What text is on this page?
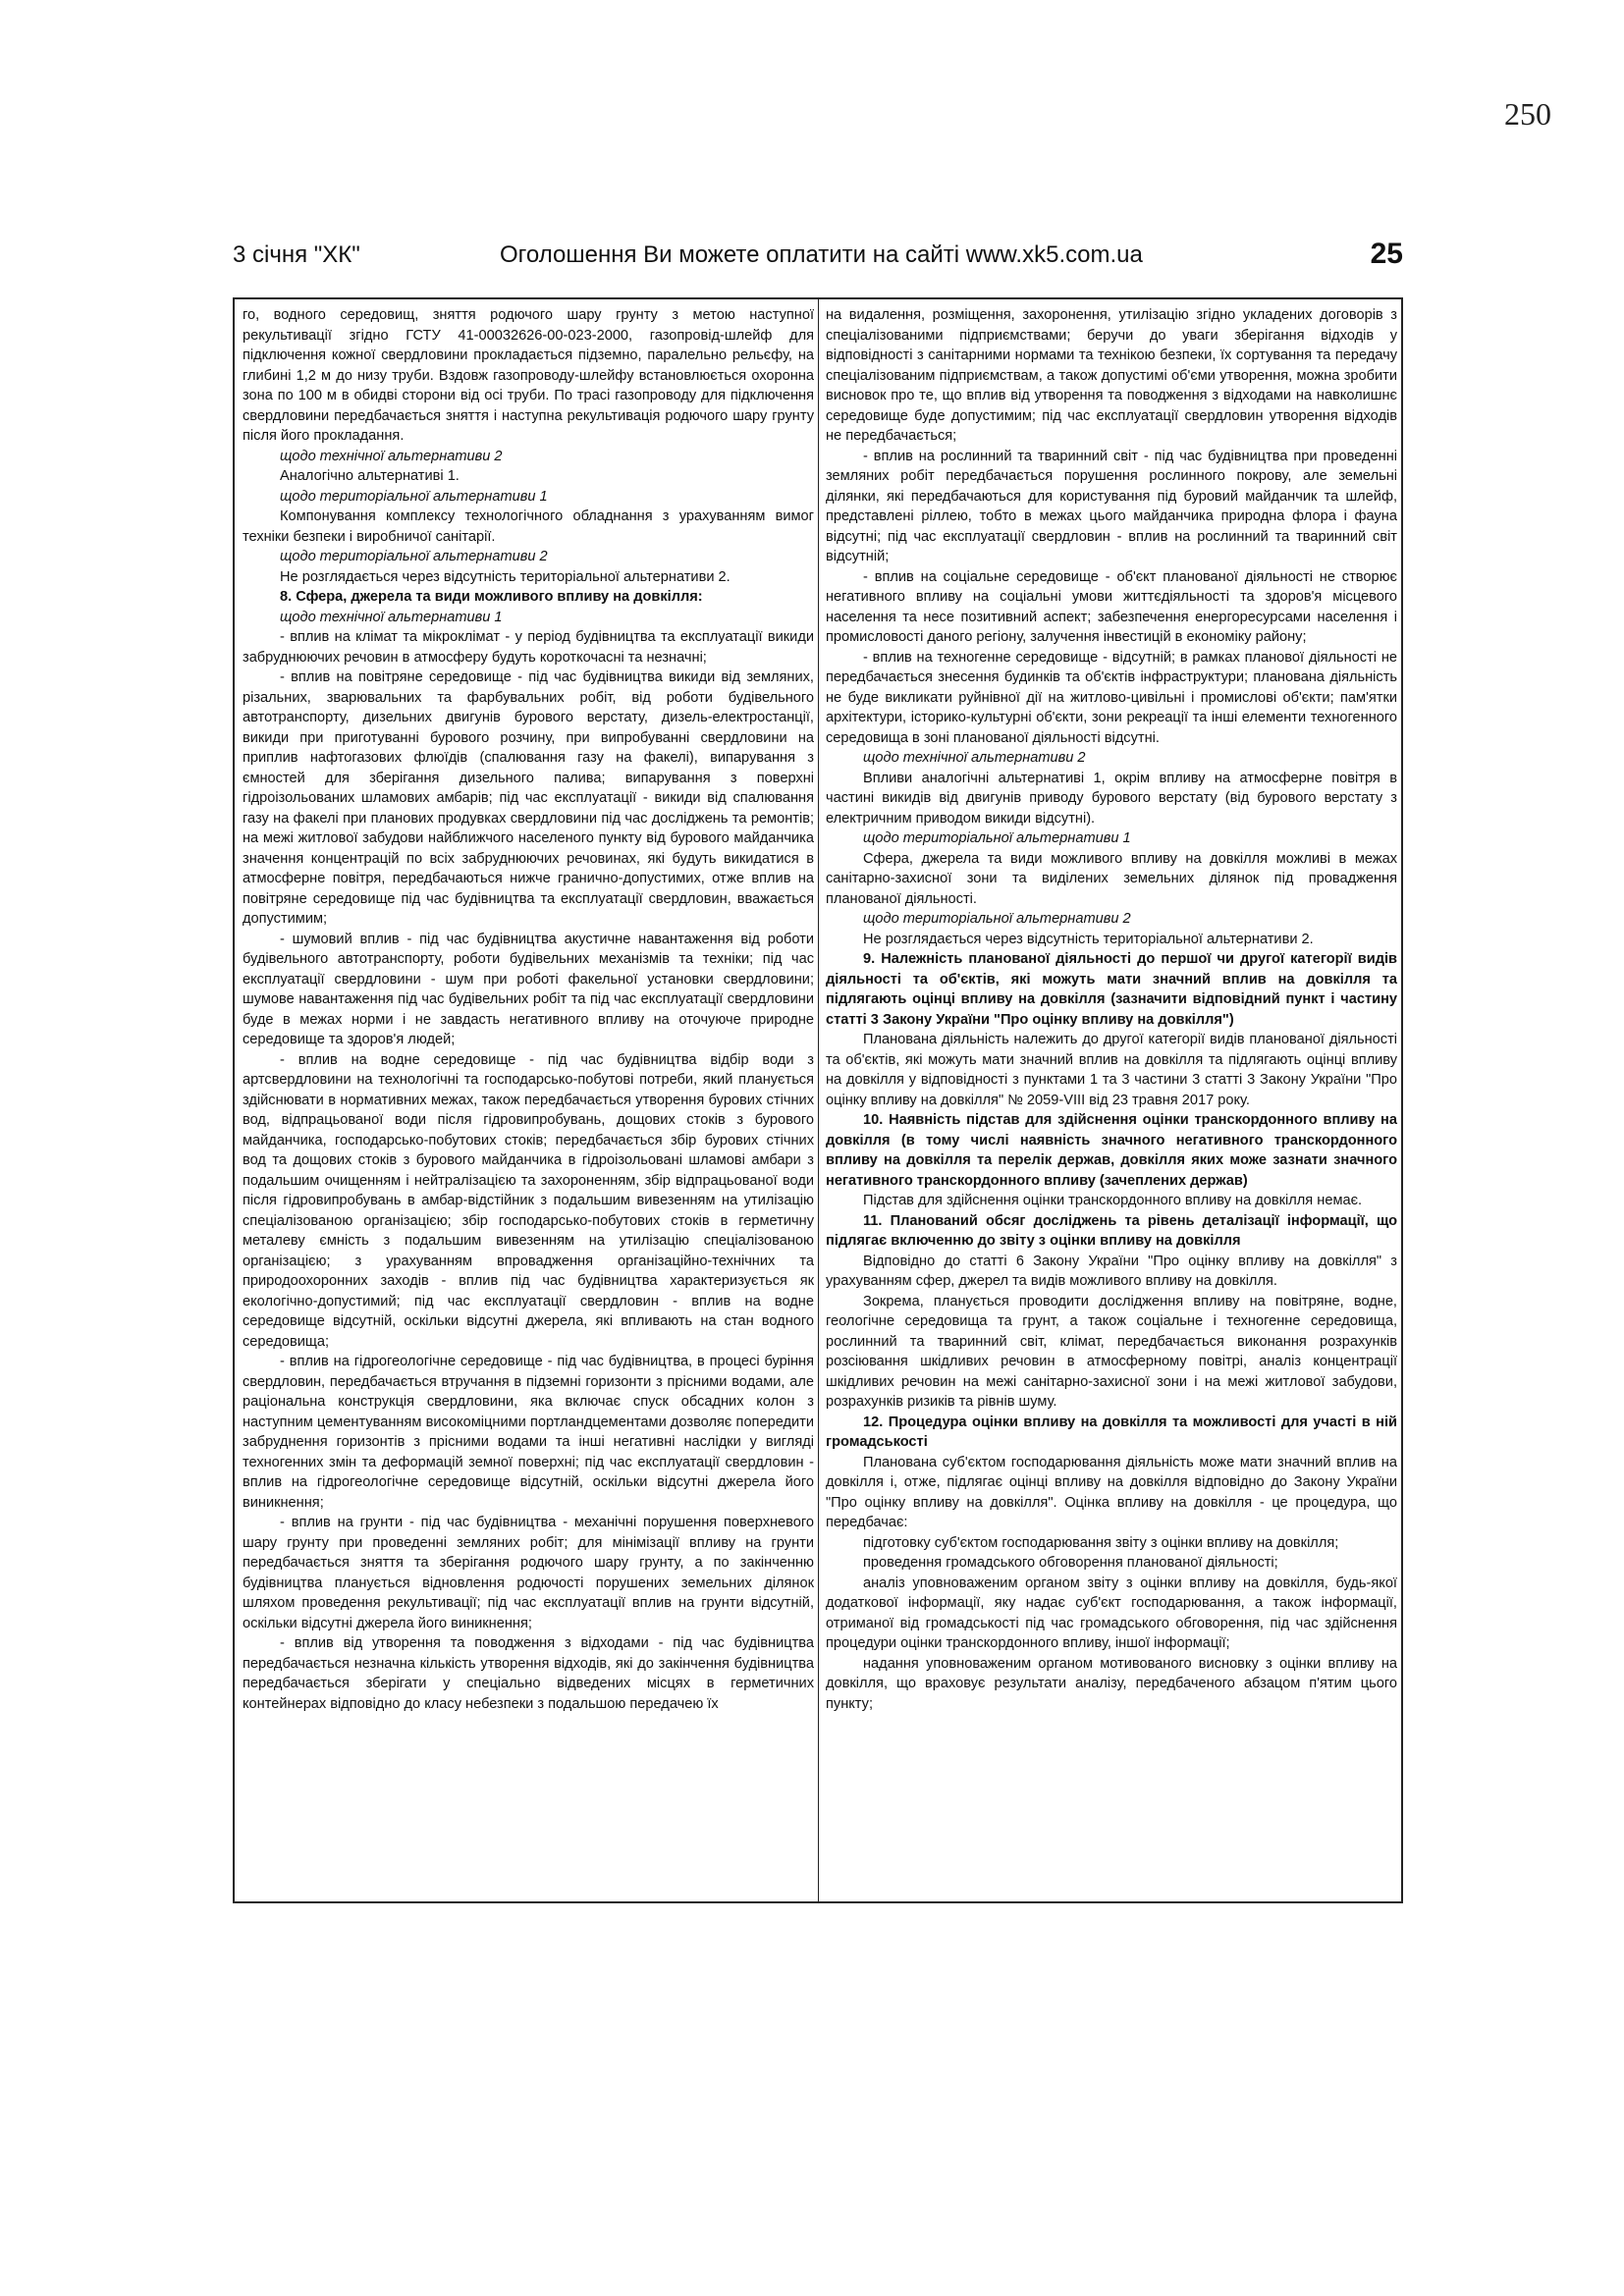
250
3 січня "ХК"	Оголошення Ви можете оплатити на сайті www.xk5.com.ua	25

го, водного середовищ, зняття родючого шару грунту з метою наступної рекультивації згідно ГСТУ 41-00032626-00-023-2000, газопровід-шлейф для підключення кожної свердловини прокладається підземно, паралельно рельєфу, на глибині 1,2 м до низу труби. Вздовж газопроводу-шлейфу встановлюється охоронна зона по 100 м в обидві сторони від осі труби. По трасі газопроводу для підключення свердловини передбачається зняття і наступна рекультивація родючого шару грунту після його прокладання.

щодо технічної альтернативи 2

Аналогічно альтернативі 1.

щодо територіальної альтернативи 1

Компонування комплексу технологічного обладнання з урахуванням вимог техніки безпеки і виробничої санітарії.

щодо територіальної альтернативи 2

Не розглядається через відсутність територіальної альтернативи 2.

8. Сфера, джерела та види можливого впливу на довкілля:

щодо технічної альтернативи 1

- вплив на клімат та мікроклімат - у період будівництва та експлуатації викиди забруднюючих речовин в атмосферу будуть короткочасні та незначні;

- вплив на повітряне середовище - під час будівництва викиди від земляних, різальних, зварювальних та фарбувальних робіт, від роботи будівельного автотранспорту, дизельних двигунів бурового верстату, дизель-електростанції, викиди при приготуванні бурового розчину, при випробуванні свердловини на приплив нафтогазових флюїдів (спалювання газу на факелі), випарування з ємностей для зберігання дизельного палива; випарування з поверхні гідроізольованих шламових амбарів; під час експлуатації - викиди від спалювання газу на факелі при планових продувках свердловини під час досліджень та ремонтів; на межі житлової забудови найближчого населеного пункту від бурового майданчика значення концентрацій по всіх забруднюючих речовинах, які будуть викидатися в атмосферне повітря, передбачаються нижче гранично-допустимих, отже вплив на повітряне середовище під час будівництва та експлуатації свердловин, вважається допустимим;

- шумовий вплив - під час будівництва акустичне навантаження від роботи будівельного автотранспорту, роботи будівельних механізмів та техніки; під час експлуатації свердловини - шум при роботі факельної установки свердловини; шумове навантаження під час будівельних робіт та під час експлуатації свердловини буде в межах норми і не завдасть негативного впливу на оточуюче природне середовище та здоров'я людей;

- вплив на водне середовище - під час будівництва відбір води з артсвердловини на технологічні та господарсько-побутові потреби, який планується здійснювати в нормативних межах, також передбачається утворення бурових стічних вод, відпрацьованої води після гідровипробувань, дощових стоків з бурового майданчика, господарсько-побутових стоків; передбачається збір бурових стічних вод та дощових стоків з бурового майданчика в гідроізольовані шламові амбари з подальшим очищенням і нейтралізацією та захороненням, збір відпрацьованої води після гідровипробувань в амбар-відстійник з подальшим вивезенням на утилізацію спеціалізованою організацією; збір господарсько-побутових стоків в герметичну металеву ємність з подальшим вивезенням на утилізацію спеціалізованою організацією; з урахуванням впровадження організаційно-технічних та природоохоронних заходів - вплив під час будівництва характеризується як екологічно-допустимий; під час експлуатації свердловин - вплив на водне середовище відсутній, оскільки відсутні джерела, які впливають на стан водного середовища;

- вплив на гідрогеологічне середовище - під час будівництва, в процесі буріння свердловин, передбачається втручання в підземні горизонти з прісними водами, але раціональна конструкція свердловини, яка включає спуск обсадних колон з наступним цементуванням високоміцними портландцементами дозволяє попередити забруднення горизонтів з прісними водами та інші негативні наслідки у вигляді техногенних змін та деформацій земної поверхні; під час експлуатації свердловин - вплив на гідрогеологічне середовище відсутній, оскільки відсутні джерела його виникнення;

- вплив на грунти - під час будівництва - механічні порушення поверхневого шару грунту при проведенні земляних робіт; для мінімізації впливу на грунти передбачається зняття та зберігання родючого шару грунту, а по закінченню будівництва планується відновлення родючості порушених земельних ділянок шляхом проведення рекультивації; під час експлуатації вплив на грунти відсутній, оскільки відсутні джерела його виникнення;

- вплив від утворення та поводження з відходами - під час будівництва передбачається незначна кількість утворення відходів, які до закінчення будівництва передбачається зберігати у спеціально відведених місцях в герметичних контейнерах відповідно до класу небезпеки з подальшою передачею їх

на видалення, розміщення, захоронення, утилізацію згідно укладених договорів з спеціалізованими підприємствами; беручи до уваги зберігання відходів у відповідності з санітарними нормами та технікою безпеки, їх сортування та передачу спеціалізованим підприємствам, а також допустимі об'єми утворення, можна зробити висновок про те, що вплив від утворення та поводження з відходами на навколишнє середовище буде допустимим; під час експлуатації свердловин утворення відходів не передбачається;

- вплив на рослинний та тваринний світ - під час будівництва при проведенні земляних робіт передбачається порушення рослинного покрову, але земельні ділянки, які передбачаються для користування під буровий майданчик та шлейф, представлені ріллею, тобто в межах цього майданчика природна флора і фауна відсутні; під час експлуатації свердловин - вплив на рослинний та тваринний світ відсутній;

- вплив на соціальне середовище - об'єкт планованої діяльності не створює негативного впливу на соціальні умови життєдіяльності та здоров'я місцевого населення та несе позитивний аспект; забезпечення енергоресурсами населення і промисловості даного регіону, залучення інвестицій в економіку району;

- вплив на техногенне середовище - відсутній; в рамках планової діяльності не передбачається знесення будинків та об'єктів інфраструктури; планована діяльність не буде викликати руйнівної дії на житлово-цивільні і промислові об'єкти; пам'ятки архітектури, історико-культурні об'єкти, зони рекреації та інші елементи техногенного середовища в зоні планованої діяльності відсутні.

щодо технічної альтернативи 2

Впливи аналогічні альтернативі 1, окрім впливу на атмосферне повітря в частині викидів від двигунів приводу бурового верстату (від бурового верстату з електричним приводом викиди відсутні).

щодо територіальної альтернативи 1

Сфера, джерела та види можливого впливу на довкілля можливі в межах санітарно-захисної зони та виділених земельних ділянок під провадження планованої діяльності.

щодо територіальної альтернативи 2

Не розглядається через відсутність територіальної альтернативи 2.

9. Належність планованої діяльності до першої чи другої категорії видів діяльності та об'єктів, які можуть мати значний вплив на довкілля та підлягають оцінці впливу на довкілля (зазначити відповідний пункт і частину статті 3 Закону України "Про оцінку впливу на довкілля")

Планована діяльність належить до другої категорії видів планованої діяльності та об'єктів, які можуть мати значний вплив на довкілля та підлягають оцінці впливу на довкілля у відповідності з пунктами 1 та 3 частини 3 статті 3 Закону України "Про оцінку впливу на довкілля" № 2059-VIII від 23 травня 2017 року.

10. Наявність підстав для здійснення оцінки транскордонного впливу на довкілля (в тому числі наявність значного негативного транскордонного впливу на довкілля та перелік держав, довкілля яких може зазнати значного негативного транскордонного впливу (зачеплених держав)

Підстав для здійснення оцінки транскордонного впливу на довкілля немає.

11. Планований обсяг досліджень та рівень деталізації інформації, що підлягає включенню до звіту з оцінки впливу на довкілля

Відповідно до статті 6 Закону України "Про оцінку впливу на довкілля" з урахуванням сфер, джерел та видів можливого впливу на довкілля.

Зокрема, планується проводити дослідження впливу на повітряне, водне, геологічне середовища та грунт, а також соціальне і техногенне середовища, рослинний та тваринний світ, клімат, передбачається виконання розрахунків розсіювання шкідливих речовин в атмосферному повітрі, аналіз концентрації шкідливих речовин на межі санітарно-захисної зони і на межі житлової забудови, розрахунків ризиків та рівнів шуму.

12. Процедура оцінки впливу на довкілля та можливості для участі в ній громадськості

Планована суб'єктом господарювання діяльність може мати значний вплив на довкілля і, отже, підлягає оцінці впливу на довкілля відповідно до Закону України "Про оцінку впливу на довкілля". Оцінка впливу на довкілля - це процедура, що передбачає:

підготовку суб'єктом господарювання звіту з оцінки впливу на довкілля;

проведення громадського обговорення планованої діяльності;

аналіз уповноваженим органом звіту з оцінки впливу на довкілля, будь-якої додаткової інформації, яку надає суб'єкт господарювання, а також інформації, отриманої від громадськості під час громадського обговорення, під час здійснення процедури оцінки транскордонного впливу, іншої інформації;

надання уповноваженим органом мотивованого висновку з оцінки впливу на довкілля, що враховує результати аналізу, передбаченого абзацом п'ятим цього пункту;
